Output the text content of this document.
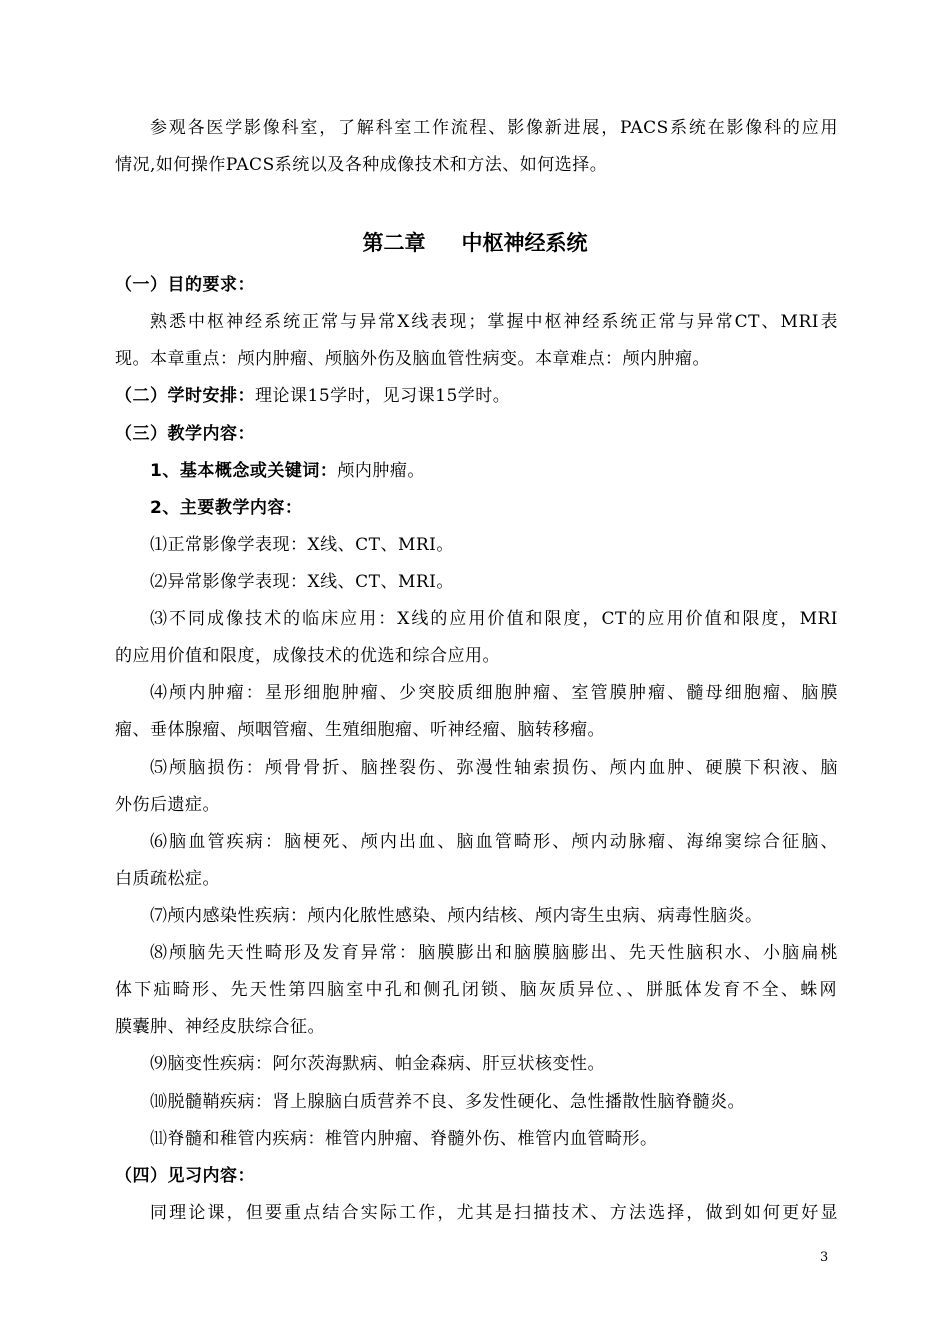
参观各医学影像科室，了解科室工作流程、影像新进展，PACS系统在影像科的应用
情况,如何操作PACS系统以及各种成像技术和方法、如何选择。
第二章 中枢神经系统
（一）目的要求：
熟悉中枢神经系统正常与异常X线表现；掌握中枢神经系统正常与异常CT、MRI表
现。本章重点：颅内肿瘤、颅脑外伤及脑血管性病变。本章难点：颅内肿瘤。
（二）学时安排：理论课15学时，见习课15学时。
（三）教学内容：
1、基本概念或关键词：颅内肿瘤。
2、主要教学内容：
⑴正常影像学表现：X线、CT、MRI。
⑵异常影像学表现：X线、CT、MRI。
⑶不同成像技术的临床应用：X线的应用价值和限度，CT的应用价值和限度，MRI
的应用价值和限度，成像技术的优选和综合应用。
⑷颅内肿瘤：星形细胞肿瘤、少突胶质细胞肿瘤、室管膜肿瘤、髓母细胞瘤、脑膜
瘤、垂体腺瘤、颅咽管瘤、生殖细胞瘤、听神经瘤、脑转移瘤。
⑸颅脑损伤：颅骨骨折、脑挫裂伤、弥漫性轴索损伤、颅内血肿、硬膜下积液、脑
外伤后遗症。
⑹脑血管疾病：脑梗死、颅内出血、脑血管畸形、颅内动脉瘤、海绵窦综合征脑、
白质疏松症。
⑺颅内感染性疾病：颅内化脓性感染、颅内结核、颅内寄生虫病、病毒性脑炎。
⑻颅脑先天性畸形及发育异常：脑膜膨出和脑膜脑膨出、先天性脑积水、小脑扁桃
体下疝畸形、先天性第四脑室中孔和侧孔闭锁、脑灰质异位、、胼胝体发育不全、蛛网
膜囊肿、神经皮肤综合征。
⑼脑变性疾病：阿尔茨海默病、帕金森病、肝豆状核变性。
⑽脱髓鞘疾病：肾上腺脑白质营养不良、多发性硬化、急性播散性脑脊髓炎。
⑾脊髓和稚管内疾病：椎管内肿瘤、脊髓外伤、椎管内血管畸形。
（四）见习内容：
同理论课，但要重点结合实际工作，尤其是扫描技术、方法选择，做到如何更好显
3
